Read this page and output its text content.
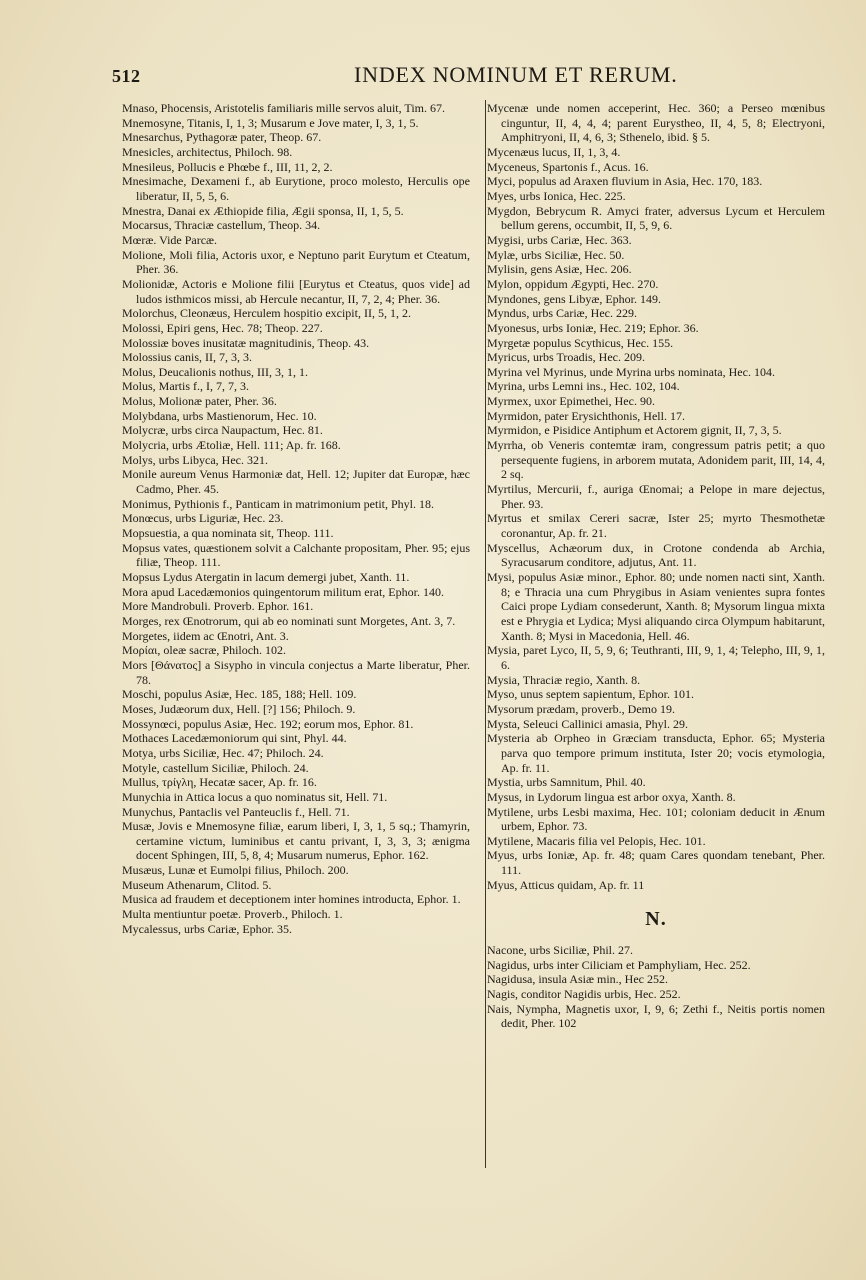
512	INDEX NOMINUM ET RERUM.

Mnaso, Phocensis, Aristotelis familiaris mille servos aluit, Tim. 67.

Mnemosyne, Titanis, I, 1, 3; Musarum e Jove mater, I, 3, 1, 5.

Mnesarchus, Pythagoræ pater, Theop. 67.

Mnesicles, architectus, Philoch. 98.

Mnesileus, Pollucis e Phœbe f., III, 11, 2, 2.

Mnesimache, Dexameni f., ab Eurytione, proco molesto, Herculis ope liberatur, II, 5, 5, 6.

Mnestra, Danai ex Æthiopide filia, Ægii sponsa, II, 1, 5, 5.

Mocarsus, Thraciæ castellum, Theop. 34.

Mœræ. Vide Parcæ.

Molione, Moli filia, Actoris uxor, e Neptuno parit Eurytum et Cteatum, Pher. 36.

Molionidæ, Actoris e Molione filii [Eurytus et Cteatus, quos vide] ad ludos isthmicos missi, ab Hercule necantur, II, 7, 2, 4; Pher. 36.

Molorchus, Cleonæus, Herculem hospitio excipit, II, 5, 1, 2.

Molossi, Epiri gens, Hec. 78; Theop. 227.

Molossiæ boves inusitatæ magnitudinis, Theop. 43.

Molossius canis, II, 7, 3, 3.

Molus, Deucalionis nothus, III, 3, 1, 1.

Molus, Martis f., I, 7, 7, 3.

Molus, Molionæ pater, Pher. 36.

Molybdana, urbs Mastienorum, Hec. 10.

Molycræ, urbs circa Naupactum, Hec. 81.

Molycria, urbs Ætoliæ, Hell. 111; Ap. fr. 168.

Molys, urbs Libyca, Hec. 321.

Monile aureum Venus Harmoniæ dat, Hell. 12; Jupiter dat Europæ, hæc Cadmo, Pher. 45.

Monimus, Pythionis f., Panticam in matrimonium petit, Phyl. 18.

Monœcus, urbs Liguriæ, Hec. 23.

Mopsuestia, a qua nominata sit, Theop. 111.

Mopsus vates, quæstionem solvit a Calchante propositam, Pher. 95; ejus filiæ, Theop. 111.

Mopsus Lydus Atergatin in lacum demergi jubet, Xanth. 11.

Mora apud Lacedæmonios quingentorum militum erat, Ephor. 140.

More Mandrobuli. Proverb. Ephor. 161.

Morges, rex Œnotrorum, qui ab eo nominati sunt Morgetes, Ant. 3, 7.

Morgetes, iidem ac Œnotri, Ant. 3.

Μορίαι, oleæ sacræ, Philoch. 102.

Mors [Θάνατος] a Sisypho in vincula conjectus a Marte liberatur, Pher. 78.

Moschi, populus Asiæ, Hec. 185, 188; Hell. 109.

Moses, Judæorum dux, Hell. [?] 156; Philoch. 9.

Mossynœci, populus Asiæ, Hec. 192; eorum mos, Ephor. 81.

Mothaces Lacedæmoniorum qui sint, Phyl. 44.

Motya, urbs Siciliæ, Hec. 47; Philoch. 24.

Motyle, castellum Siciliæ, Philoch. 24.

Mullus, τρίγλη, Hecatæ sacer, Ap. fr. 16.

Munychia in Attica locus a quo nominatus sit, Hell. 71.

Munychus, Pantaclis vel Panteuclis f., Hell. 71.

Musæ, Jovis e Mnemosyne filiæ, earum liberi, I, 3, 1, 5 sq.; Thamyrin, certamine victum, luminibus et cantu privant, I, 3, 3, 3; ænigma docent Sphingen, III, 5, 8, 4; Musarum numerus, Ephor. 162.

Musæus, Lunæ et Eumolpi filius, Philoch. 200.

Museum Athenarum, Clitod. 5.

Musica ad fraudem et deceptionem inter homines introducta, Ephor. 1.

Multa mentiuntur poetæ. Proverb., Philoch. 1.

Mycalessus, urbs Cariæ, Ephor. 35.

Mycenæ unde nomen acceperint, Hec. 360; a Perseo mœnibus cinguntur, II, 4, 4, 4; parent Eurystheo, II, 4, 5, 8; Electryoni, Amphitryoni, II, 4, 6, 3; Sthenelo, ibid. § 5.

Mycenæus lucus, II, 1, 3, 4.

Myceneus, Spartonis f., Acus. 16.

Myci, populus ad Araxen fluvium in Asia, Hec. 170, 183.

Myes, urbs Ionica, Hec. 225.

Mygdon, Bebrycum R. Amyci frater, adversus Lycum et Herculem bellum gerens, occumbit, II, 5, 9, 6.

Mygisi, urbs Cariæ, Hec. 363.

Mylæ, urbs Siciliæ, Hec. 50.

Mylisin, gens Asiæ, Hec. 206.

Mylon, oppidum Ægypti, Hec. 270.

Myndones, gens Libyæ, Ephor. 149.

Myndus, urbs Cariæ, Hec. 229.

Myonesus, urbs Ioniæ, Hec. 219; Ephor. 36.

Myrgetæ populus Scythicus, Hec. 155.

Myricus, urbs Troadis, Hec. 209.

Myrina vel Myrinus, unde Myrina urbs nominata, Hec. 104.

Myrina, urbs Lemni ins., Hec. 102, 104.

Myrmex, uxor Epimethei, Hec. 90.

Myrmidon, pater Erysichthonis, Hell. 17.

Myrmidon, e Pisidice Antiphum et Actorem gignit, II, 7, 3, 5.

Myrrha, ob Veneris contemtæ iram, congressum patris petit; a quo persequente fugiens, in arborem mutata, Adonidem parit, III, 14, 4, 2 sq.

Myrtilus, Mercurii, f., auriga Œnomai; a Pelope in mare dejectus, Pher. 93.

Myrtus et smilax Cereri sacræ, Ister 25; myrto Thesmothetæ coronantur, Ap. fr. 21.

Myscellus, Achæorum dux, in Crotone condenda ab Archia, Syracusarum conditore, adjutus, Ant. 11.

Mysi, populus Asiæ minor., Ephor. 80; unde nomen nacti sint, Xanth. 8; e Thracia una cum Phrygibus in Asiam venientes supra fontes Caici prope Lydiam consederunt, Xanth. 8; Mysorum lingua mixta est e Phrygia et Lydica; Mysi aliquando circa Olympum habitarunt, Xanth. 8; Mysi in Macedonia, Hell. 46.

Mysia, paret Lyco, II, 5, 9, 6; Teuthranti, III, 9, 1, 4; Telepho, III, 9, 1, 6.

Mysia, Thraciæ regio, Xanth. 8.

Myso, unus septem sapientum, Ephor. 101.

Mysorum prædam, proverb., Demo 19.

Mysta, Seleuci Callinici amasia, Phyl. 29.

Mysteria ab Orpheo in Græciam transducta, Ephor. 65; Mysteria parva quo tempore primum instituta, Ister 20; vocis etymologia, Ap. fr. 11.

Mystia, urbs Samnitum, Phil. 40.

Mysus, in Lydorum lingua est arbor oxya, Xanth. 8.

Mytilene, urbs Lesbi maxima, Hec. 101; coloniam deducit in Ænum urbem, Ephor. 73.

Mytilene, Macaris filia vel Pelopis, Hec. 101.

Myus, urbs Ioniæ, Ap. fr. 48; quam Cares quondam tenebant, Pher. 111.

Myus, Atticus quidam, Ap. fr. 11

N.

Nacone, urbs Siciliæ, Phil. 27.

Nagidus, urbs inter Ciliciam et Pamphyliam, Hec. 252.

Nagidusa, insula Asiæ min., Hec 252.

Nagis, conditor Nagidis urbis, Hec. 252.

Nais, Nympha, Magnetis uxor, I, 9, 6; Zethi f., Neitis portis nomen dedit, Pher. 102
